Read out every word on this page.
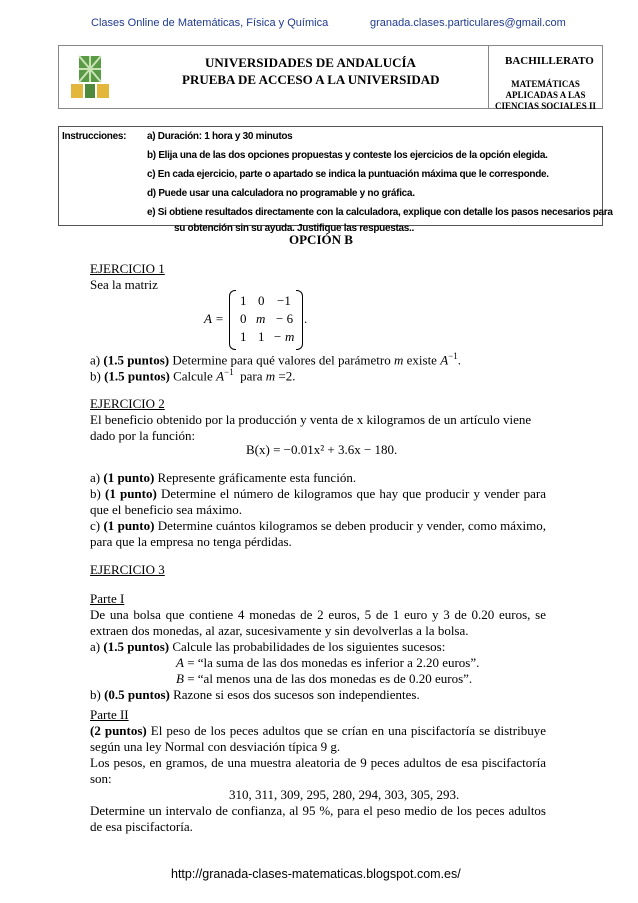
Clases Online de Matemáticas, Física y Química	granada.clases.particulares@gmail.com
UNIVERSIDADES DE ANDALUCÍA
PRUEBA DE ACCESO A LA UNIVERSIDAD
BACHILLERATO
MATEMÁTICAS
APLICADAS A LAS
CIENCIAS SOCIALES II
Instrucciones: a) Duración: 1 hora y 30 minutos
b) Elija una de las dos opciones propuestas y conteste los ejercicios de la opción elegida.
c) En cada ejercicio, parte o apartado se indica la puntuación máxima que le corresponde.
d) Puede usar una calculadora no programable y no gráfica.
e) Si obtiene resultados directamente con la calculadora, explique con detalle los pasos necesarios para
su obtención sin su ayuda. Justifique las respuestas..
OPCIÓN B
EJERCICIO 1
Sea la matriz
A =
1 0 −1
0 m − 6
1 1 − m
.
a) (1.5 puntos) Determine para qué valores del parámetro m existe $A^{-1}$.
b) (1.5 puntos) Calcule $A^{-1}$ para m =2.
EJERCICIO 2
El beneficio obtenido por la producción y venta de x kilogramos de un artículo viene
dado por la función:
B(x) = −0.01x² + 3.6x − 180.
a) (1 punto) Represente gráficamente esta función.
b) (1 punto) Determine el número de kilogramos que hay que producir y vender para
que el beneficio sea máximo.
c) (1 punto) Determine cuántos kilogramos se deben producir y vender, como máximo,
para que la empresa no tenga pérdidas.
EJERCICIO 3
Parte I
De una bolsa que contiene 4 monedas de 2 euros, 5 de 1 euro y 3 de 0.20 euros, se
extraen dos monedas, al azar, sucesivamente y sin devolverlas a la bolsa.
a) (1.5 puntos) Calcule las probabilidades de los siguientes sucesos:
A = “la suma de las dos monedas es inferior a 2.20 euros”.
B = “al menos una de las dos monedas es de 0.20 euros”.
b) (0.5 puntos) Razone si esos dos sucesos son independientes.
Parte II
(2 puntos) El peso de los peces adultos que se crían en una piscifactoría se distribuye
según una ley Normal con desviación típica 9 g.
Los pesos, en gramos, de una muestra aleatoria de 9 peces adultos de esa piscifactoría
son:
310, 311, 309, 295, 280, 294, 303, 305, 293.
Determine un intervalo de confianza, al 95 %, para el peso medio de los peces adultos
de esa piscifactoría.
http://granada-clases-matematicas.blogspot.com.es/
